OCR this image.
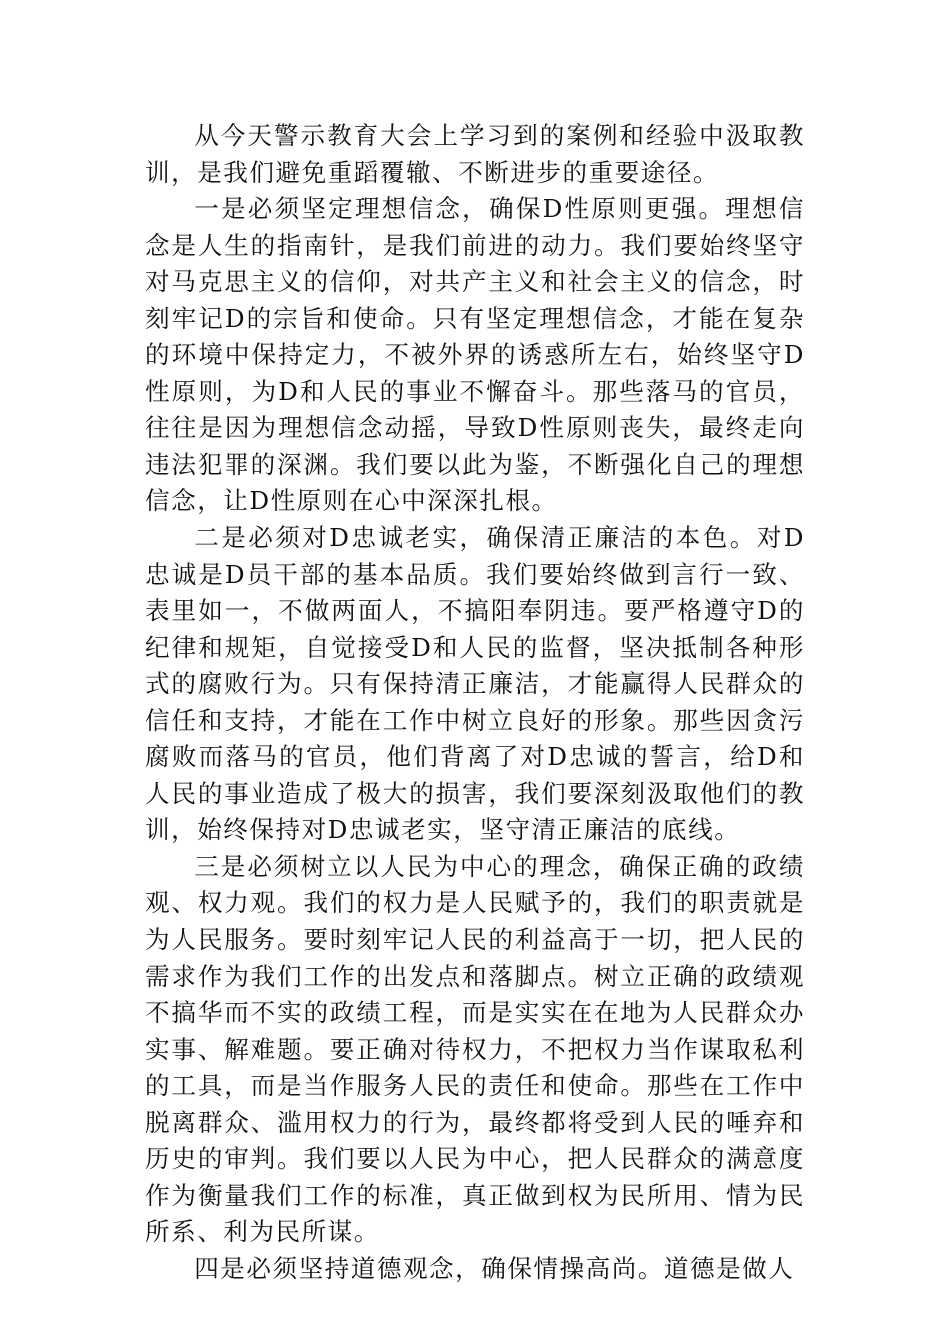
从今天警示教育大会上学习到的案例和经验中汲取教训，是我们避免重蹈覆辙、不断进步的重要途径。

一是必须坚定理想信念，确保D性原则更强。理想信念是人生的指南针，是我们前进的动力。我们要始终坚守对马克思主义的信仰，对共产主义和社会主义的信念，时刻牢记D的宗旨和使命。只有坚定理想信念，才能在复杂的环境中保持定力，不被外界的诱惑所左右，始终坚守D性原则，为D和人民的事业不懈奋斗。那些落马的官员，往往是因为理想信念动摇，导致D性原则丧失，最终走向违法犯罪的深渊。我们要以此为鉴，不断强化自己的理想信念，让D性原则在心中深深扎根。

二是必须对D忠诚老实，确保清正廉洁的本色。对D忠诚是D员干部的基本品质。我们要始终做到言行一致、表里如一，不做两面人，不搞阳奉阴违。要严格遵守D的纪律和规矩，自觉接受D和人民的监督，坚决抵制各种形式的腐败行为。只有保持清正廉洁，才能赢得人民群众的信任和支持，才能在工作中树立良好的形象。那些因贪污腐败而落马的官员，他们背离了对D忠诚的誓言，给D和人民的事业造成了极大的损害，我们要深刻汲取他们的教训，始终保持对D忠诚老实，坚守清正廉洁的底线。

三是必须树立以人民为中心的理念，确保正确的政绩观、权力观。我们的权力是人民赋予的，我们的职责就是为人民服务。要时刻牢记人民的利益高于一切，把人民的需求作为我们工作的出发点和落脚点。树立正确的政绩观不搞华而不实的政绩工程，而是实实在在地为人民群众办实事、解难题。要正确对待权力，不把权力当作谋取私利的工具，而是当作服务人民的责任和使命。那些在工作中脱离群众、滥用权力的行为，最终都将受到人民的唾弃和历史的审判。我们要以人民为中心，把人民群众的满意度作为衡量我们工作的标准，真正做到权为民所用、情为民所系、利为民所谋。

四是必须坚持道德观念，确保情操高尚。道德是做人
